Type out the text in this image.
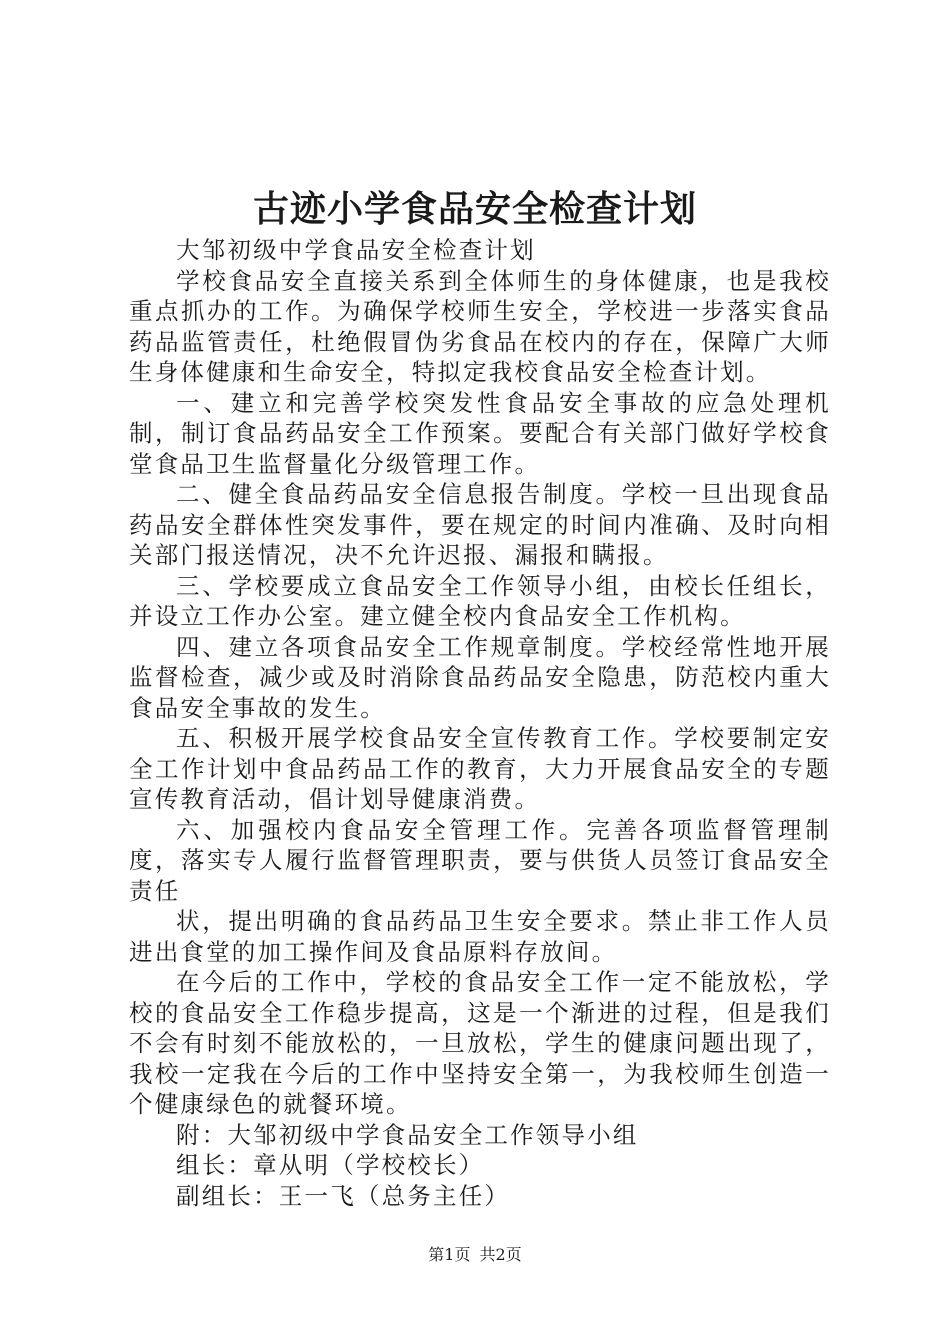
古迹小学食品安全检查计划

大邹初级中学食品安全检查计划

学校食品安全直接关系到全体师生的身体健康，也是我校重点抓办的工作。为确保学校师生安全，学校进一步落实食品药品监管责任，杜绝假冒伪劣食品在校内的存在，保障广大师生身体健康和生命安全，特拟定我校食品安全检查计划。

一、建立和完善学校突发性食品安全事故的应急处理机制，制订食品药品安全工作预案。要配合有关部门做好学校食堂食品卫生监督量化分级管理工作。

二、健全食品药品安全信息报告制度。学校一旦出现食品药品安全群体性突发事件，要在规定的时间内准确、及时向相关部门报送情况，决不允许迟报、漏报和瞒报。

三、学校要成立食品安全工作领导小组，由校长任组长，并设立工作办公室。建立健全校内食品安全工作机构。

四、建立各项食品安全工作规章制度。学校经常性地开展监督检查，减少或及时消除食品药品安全隐患，防范校内重大食品安全事故的发生。

五、积极开展学校食品安全宣传教育工作。学校要制定安全工作计划中食品药品工作的教育，大力开展食品安全的专题宣传教育活动，倡计划导健康消费。

六、加强校内食品安全管理工作。完善各项监督管理制度，落实专人履行监督管理职责，要与供货人员签订食品安全责任

状，提出明确的食品药品卫生安全要求。禁止非工作人员进出食堂的加工操作间及食品原料存放间。

在今后的工作中，学校的食品安全工作一定不能放松，学校的食品安全工作稳步提高，这是一个渐进的过程，但是我们不会有时刻不能放松的，一旦放松，学生的健康问题出现了，我校一定我在今后的工作中坚持安全第一，为我校师生创造一个健康绿色的就餐环境。

附：大邹初级中学食品安全工作领导小组

组长：章从明（学校校长）

副组长：王一飞（总务主任）

第1页 共2页
